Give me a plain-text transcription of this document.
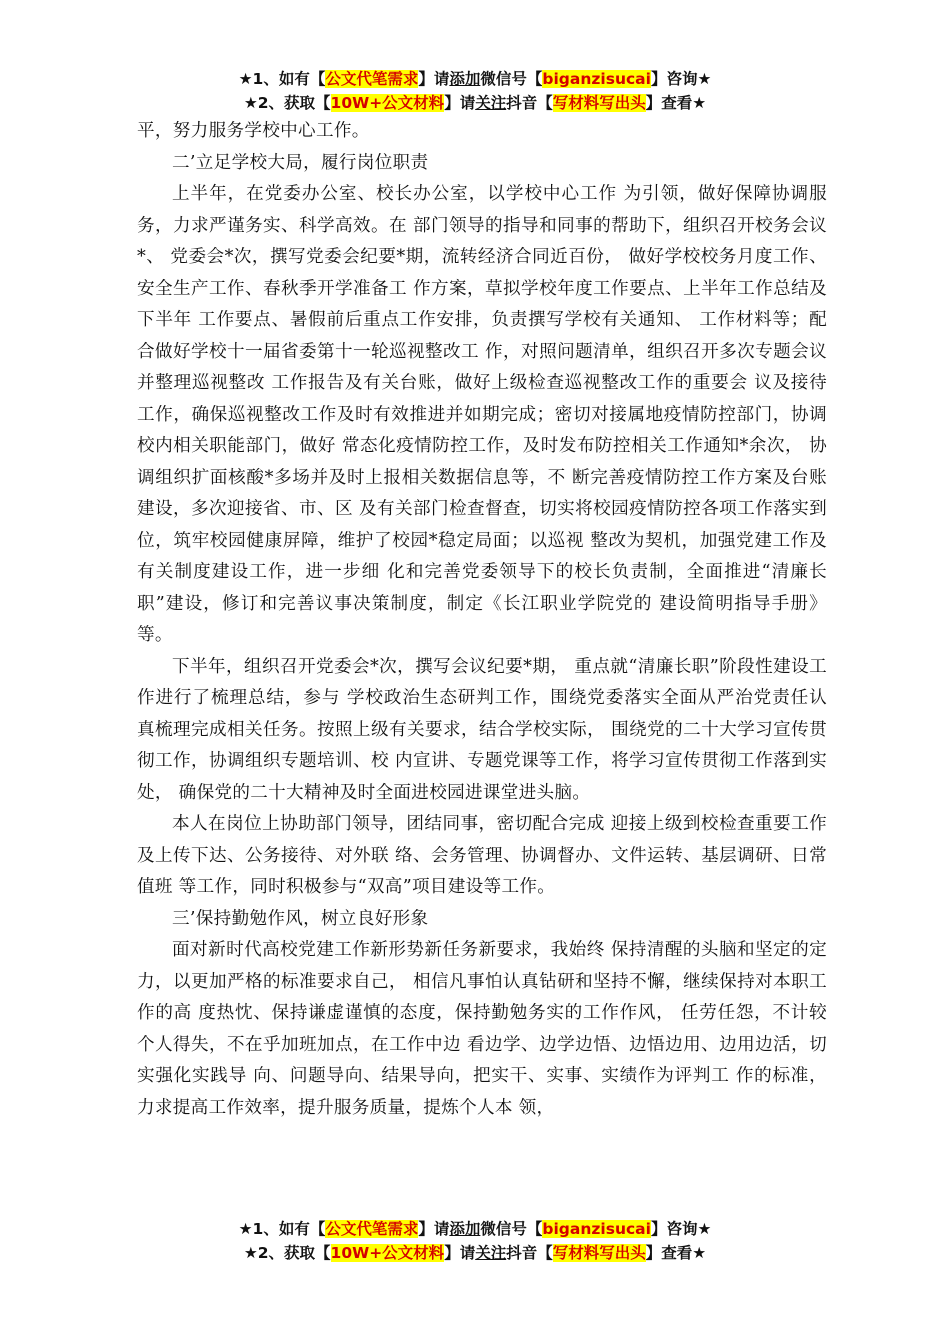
★1、如有【公文代笔需求】请添加微信号【biganzisucai】咨询★
★2、获取【10W+公文材料】请关注抖音【写材料写出头】查看★

平，努力服务学校中心工作。

二’立足学校大局，履行岗位职责

上半年，在党委办公室、校长办公室，以学校中心工作 为引领，做好保障协调服务，力求严谨务实、科学高效。在 部门领导的指导和同事的帮助下，组织召开校务会议*、 党委会*次，撰写党委会纪要*期，流转经济合同近百份， 做好学校校务月度工作、安全生产工作、春秋季开学准备工 作方案，草拟学校年度工作要点、上半年工作总结及下半年 工作要点、暑假前后重点工作安排，负责撰写学校有关通知、 工作材料等；配合做好学校十一届省委第十一轮巡视整改工 作，对照问题清单，组织召开多次专题会议并整理巡视整改 工作报告及有关台账，做好上级检查巡视整改工作的重要会 议及接待工作，确保巡视整改工作及时有效推进并如期完成；密切对接属地疫情防控部门，协调校内相关职能部门，做好 常态化疫情防控工作，及时发布防控相关工作通知*余次， 协调组织扩面核酸*多场并及时上报相关数据信息等，不 断完善疫情防控工作方案及台账建设，多次迎接省、市、区 及有关部门检查督查，切实将校园疫情防控各项工作落实到 位，筑牢校园健康屏障，维护了校园*稳定局面；以巡视 整改为契机，加强党建工作及有关制度建设工作，进一步细 化和完善党委领导下的校长负责制，全面推进“清廉长职”建设，修订和完善议事决策制度，制定《长江职业学院党的 建设简明指导手册》等。

下半年，组织召开党委会*次，撰写会议纪要*期， 重点就“清廉长职”阶段性建设工作进行了梳理总结，参与 学校政治生态研判工作，围绕党委落实全面从严治党责任认 真梳理完成相关任务。按照上级有关要求，结合学校实际， 围绕党的二十大学习宣传贯彻工作，协调组织专题培训、校 内宣讲、专题党课等工作，将学习宣传贯彻工作落到实处， 确保党的二十大精神及时全面进校园进课堂进头脑。

本人在岗位上协助部门领导，团结同事，密切配合完成 迎接上级到校检查重要工作及上传下达、公务接待、对外联 络、会务管理、协调督办、文件运转、基层调研、日常值班 等工作，同时积极参与“双高”项目建设等工作。

三’保持勤勉作风，树立良好形象

面对新时代高校党建工作新形势新任务新要求，我始终 保持清醒的头脑和坚定的定力，以更加严格的标准要求自己， 相信凡事怕认真钻研和坚持不懈，继续保持对本职工作的高 度热忱、保持谦虚谨慎的态度，保持勤勉务实的工作作风， 任劳任怨，不计较个人得失，不在乎加班加点，在工作中边 看边学、边学边悟、边悟边用、边用边活，切实强化实践导 向、问题导向、结果导向，把实干、实事、实绩作为评判工 作的标准，力求提高工作效率，提升服务质量，提炼个人本 领，

★1、如有【公文代笔需求】请添加微信号【biganzisucai】咨询★
★2、获取【10W+公文材料】请关注抖音【写材料写出头】查看★
